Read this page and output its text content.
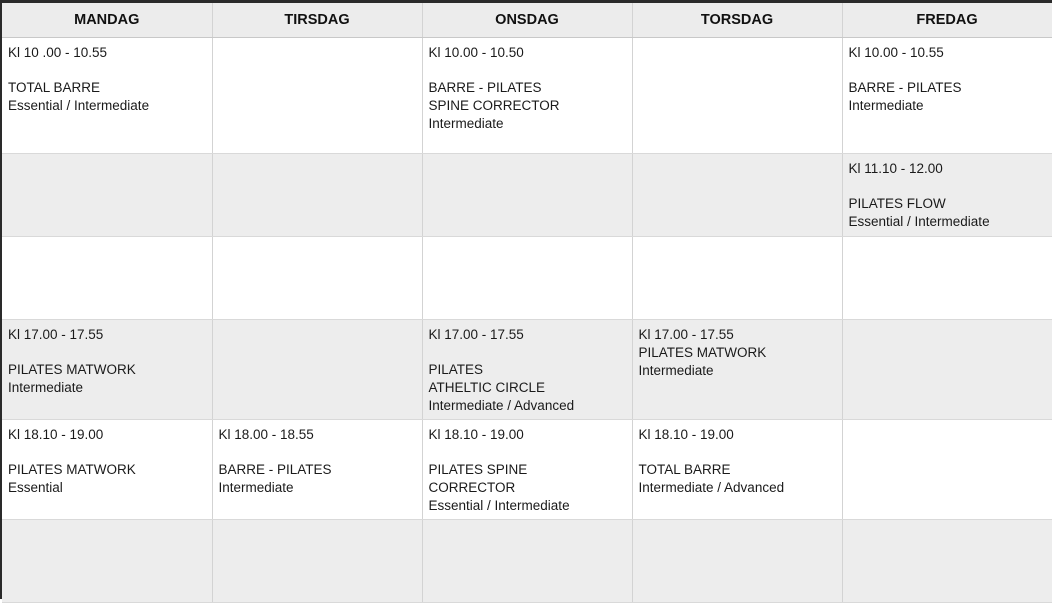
MANDAG	TIRSDAG	ONSDAG	TORSDAG	FREDAG

Kl 10 .00 - 10.55
TOTAL BARRE
Essential / Intermediate		Kl 10.00 - 10.50
BARRE - PILATES
SPINE CORRECTOR
Intermediate		Kl 10.00 - 10.55
BARRE - PILATES
Intermediate

				Kl 11.10 - 12.00
PILATES FLOW
Essential / Intermediate

Kl 17.00 - 17.55
PILATES MATWORK
Intermediate		Kl 17.00 - 17.55
PILATES
ATHELTIC CIRCLE
Intermediate / Advanced	Kl 17.00 - 17.55
PILATES MATWORK
Intermediate	

Kl 18.10 - 19.00
PILATES MATWORK
Essential	Kl 18.00 - 18.55
BARRE - PILATES
Intermediate	Kl 18.10 - 19.00
PILATES SPINE
CORRECTOR
Essential / Intermediate	Kl 18.10 - 19.00
TOTAL BARRE
Intermediate / Advanced	
